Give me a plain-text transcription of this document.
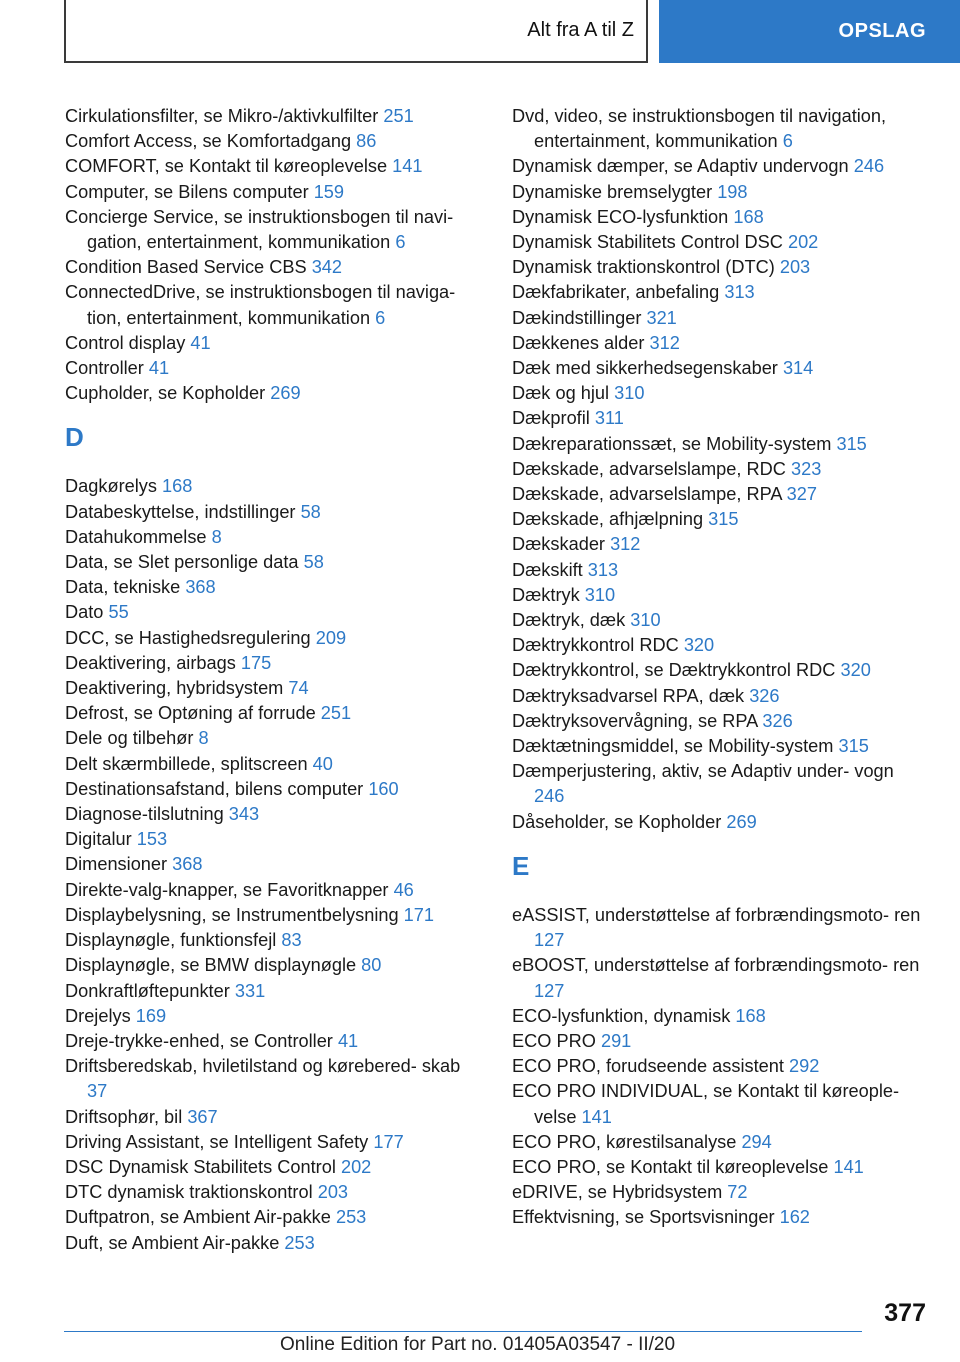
Alt fra A til Z	OPSLAG
Cirkulationsfilter, se Mikro-/aktivkulfilter 251
Comfort Access, se Komfortadgang 86
COMFORT, se Kontakt til køreoplevelse 141
Computer, se Bilens computer 159
Concierge Service, se instruktionsbogen til navi‐ gation, entertainment, kommunikation 6
Condition Based Service CBS 342
ConnectedDrive, se instruktionsbogen til naviga‐ tion, entertainment, kommunikation 6
Control display 41
Controller 41
Cupholder, se Kopholder 269
D
Dagkørelys 168
Databeskyttelse, indstillinger 58
Datahukommelse 8
Data, se Slet personlige data 58
Data, tekniske 368
Dato 55
DCC, se Hastighedsregulering 209
Deaktivering, airbags 175
Deaktivering, hybridsystem 74
Defrost, se Optøning af forrude 251
Dele og tilbehør 8
Delt skærmbillede, splitscreen 40
Destinationsafstand, bilens computer 160
Diagnose-tilslutning 343
Digitalur 153
Dimensioner 368
Direkte-valg-knapper, se Favoritknapper 46
Displaybelysning, se Instrumentbelysning 171
Displaynøgle, funktionsfejl 83
Displaynøgle, se BMW displaynøgle 80
Donkraftløftepunkter 331
Drejelys 169
Dreje-trykke-enhed, se Controller 41
Driftsberedskab, hviletilstand og kørebered‐ skab 37
Driftsophør, bil 367
Driving Assistant, se Intelligent Safety 177
DSC Dynamisk Stabilitets Control 202
DTC dynamisk traktionskontrol 203
Duftpatron, se Ambient Air-pakke 253
Duft, se Ambient Air-pakke 253
Dvd, video, se instruktionsbogen til navigation, entertainment, kommunikation 6
Dynamisk dæmper, se Adaptiv undervogn 246
Dynamiske bremselygter 198
Dynamisk ECO-lysfunktion 168
Dynamisk Stabilitets Control DSC 202
Dynamisk traktionskontrol (DTC) 203
Dækfabrikater, anbefaling 313
Dækindstillinger 321
Dækkenes alder 312
Dæk med sikkerhedsegenskaber 314
Dæk og hjul 310
Dækprofil 311
Dækreparationssæt, se Mobility-system 315
Dækskade, advarselslampe, RDC 323
Dækskade, advarselslampe, RPA 327
Dækskade, afhjælpning 315
Dækskader 312
Dækskift 313
Dæktryk 310
Dæktryk, dæk 310
Dæktrykkontrol RDC 320
Dæktrykkontrol, se Dæktrykkontrol RDC 320
Dæktryksadvarsel RPA, dæk 326
Dæktryksovervågning, se RPA 326
Dæktætningsmiddel, se Mobility-system 315
Dæmperjustering, aktiv, se Adaptiv under‐ vogn 246
Dåseholder, se Kopholder 269
E
eASSIST, understøttelse af forbrændingsmoto‐ ren 127
eBOOST, understøttelse af forbrændingsmoto‐ ren 127
ECO-lysfunktion, dynamisk 168
ECO PRO 291
ECO PRO, forudseende assistent 292
ECO PRO INDIVIDUAL, se Kontakt til køreople‐ velse 141
ECO PRO, kørestilsanalyse 294
ECO PRO, se Kontakt til køreoplevelse 141
eDRIVE, se Hybridsystem 72
Effektvisning, se Sportsvisninger 162
377
Online Edition for Part no. 01405A03547 - II/20
